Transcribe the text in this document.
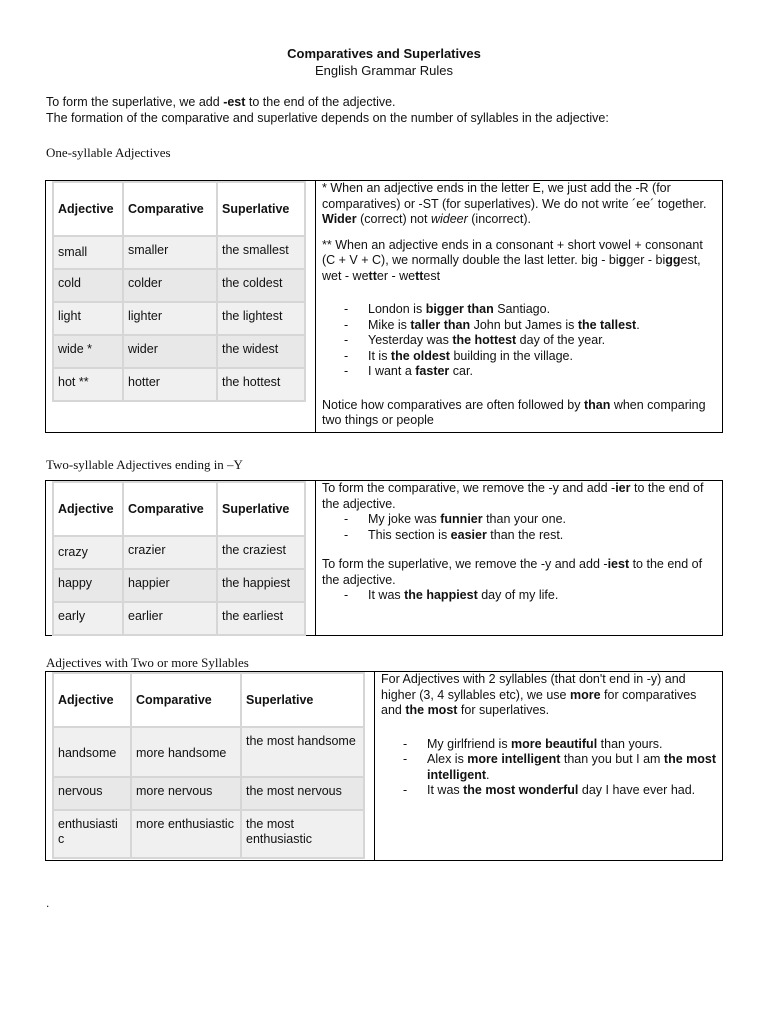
Comparatives and Superlatives
English Grammar Rules
To form the superlative, we add -est to the end of the adjective.
The formation of the comparative and superlative depends on the number of syllables in the adjective:
One-syllable Adjectives
Adjective	Comparative	Superlative
small	smaller	the smallest
cold	colder	the coldest
light	lighter	the lightest
wide *	wider	the widest
hot **	hotter	the hottest

* When an adjective ends in the letter E, we just add the -R (for comparatives) or -ST (for superlatives). We do not write ´ee´ together. Wider (correct) not wideer (incorrect).

** When an adjective ends in a consonant + short vowel + consonant (C + V + C), we normally double the last letter. big - bigger - biggest, wet - wetter - wettest

- London is bigger than Santiago.
- Mike is taller than John but James is the tallest.
- Yesterday was the hottest day of the year.
- It is the oldest building in the village.
- I want a faster car.

Notice how comparatives are often followed by than when comparing two things or people

Two-syllable Adjectives ending in –Y
Adjective	Comparative	Superlative
crazy	crazier	the craziest
happy	happier	the happiest
early	earlier	the earliest
To form the comparative, we remove the -y and add -ier to the end of the adjective.
- My joke was funnier than your one.
- This section is easier than the rest.
To form the superlative, we remove the -y and add -iest to the end of the adjective.
- It was the happiest day of my life.
Adjectives with Two or more Syllables
Adjective	Comparative	Superlative
handsome	more handsome	the most handsome
nervous	more nervous	the most nervous
enthusiasti c	more enthusiastic	the most enthusiastic

For Adjectives with 2 syllables (that don't end in -y) and higher (3, 4 syllables etc), we use more for comparatives and the most for superlatives.

- My girlfriend is more beautiful than yours.
- Alex is more intelligent than you but I am the most intelligent.
- It was the most wonderful day I have ever had.
.
